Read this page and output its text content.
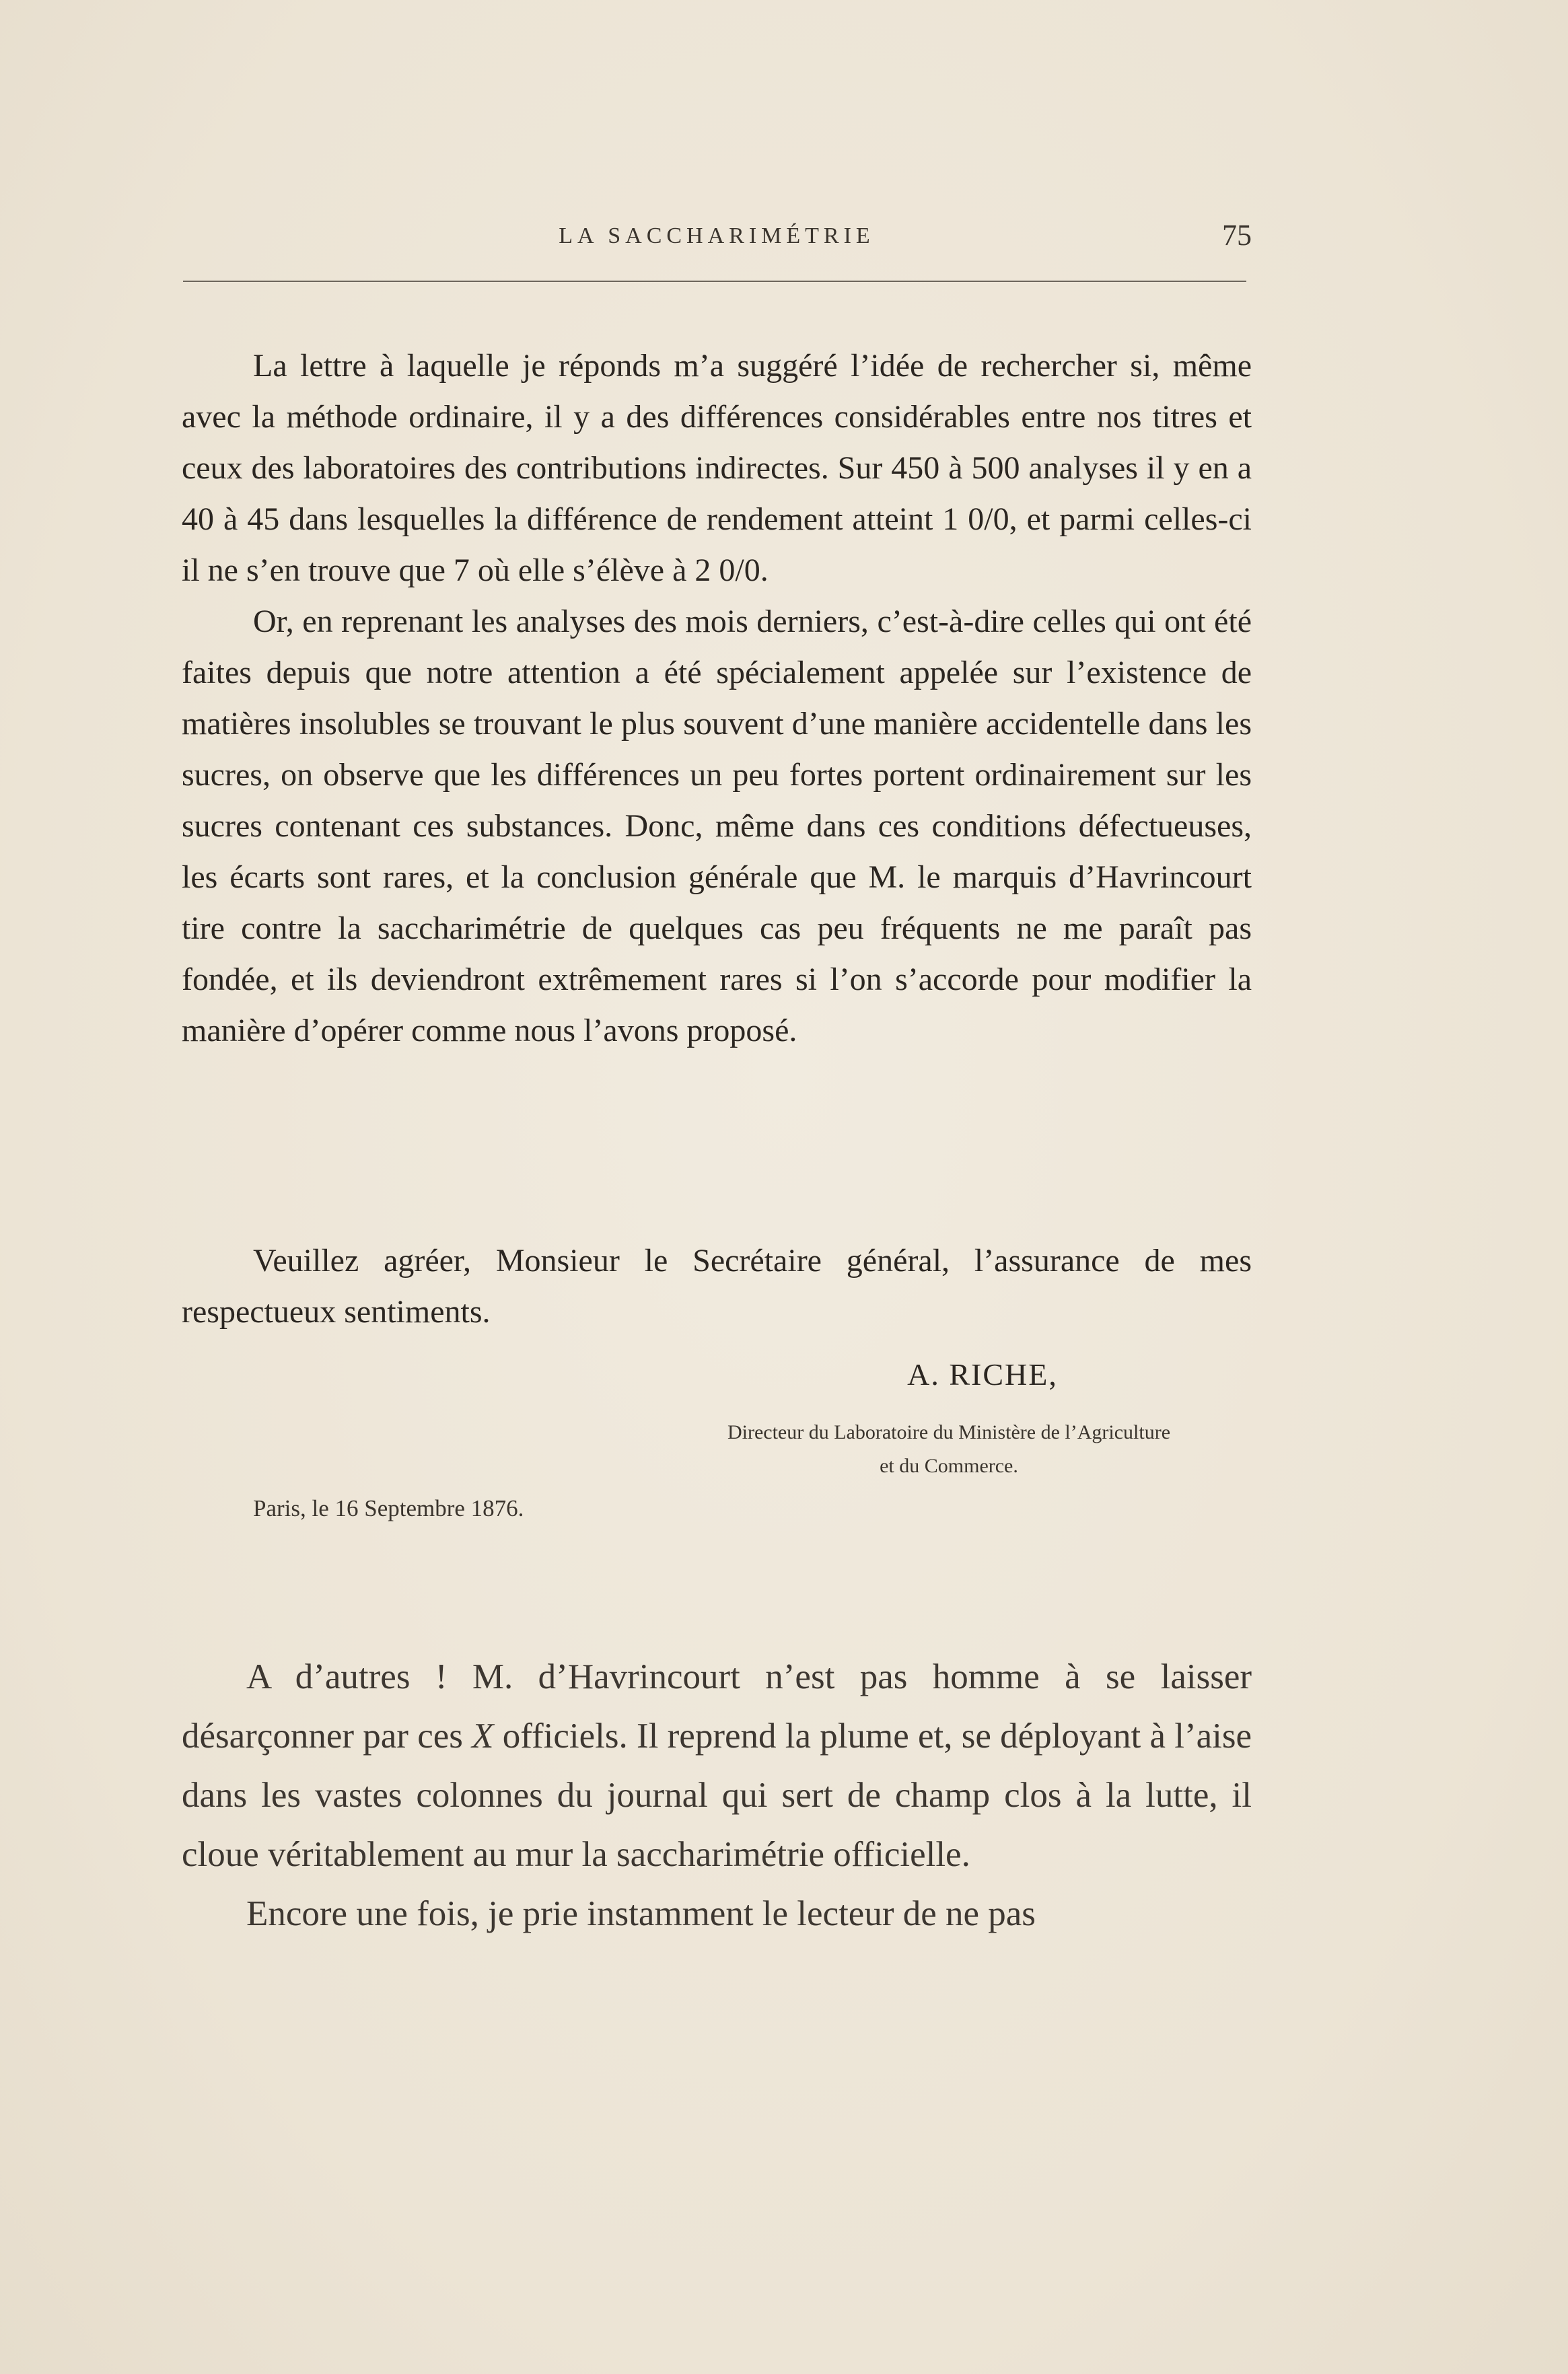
LA SACCHARIMÉTRIE	75

La lettre à laquelle je réponds m’a suggéré l’idée de rechercher si, même avec la méthode ordinaire, il y a des différences considérables entre nos titres et ceux des laboratoires des contributions indirectes. Sur 450 à 500 analyses il y en a 40 à 45 dans lesquelles la différence de rendement atteint 1 0/0, et parmi celles-ci il ne s’en trouve que 7 où elle s’élève à 2 0/0.

Or, en reprenant les analyses des mois derniers, c’est-à-dire celles qui ont été faites depuis que notre attention a été spécialement appelée sur l’existence de matières insolubles se trouvant le plus souvent d’une manière accidentelle dans les sucres, on observe que les différences un peu fortes portent ordinairement sur les sucres contenant ces substances. Donc, même dans ces conditions défectueuses, les écarts sont rares, et la conclusion générale que M. le marquis d’Havrincourt tire contre la saccharimétrie de quelques cas peu fréquents ne me paraît pas fondée, et ils deviendront extrêmement rares si l’on s’accorde pour modifier la manière d’opérer comme nous l’avons proposé.

Veuillez agréer, Monsieur le Secrétaire général, l’assurance de mes respectueux sentiments.

A. RICHE,
Directeur du Laboratoire du Ministère de l’Agriculture
et du Commerce.
Paris, le 16 Septembre 1876.

A d’autres ! M. d’Havrincourt n’est pas homme à se laisser désarçonner par ces X officiels. Il reprend la plume et, se déployant à l’aise dans les vastes colonnes du journal qui sert de champ clos à la lutte, il cloue véritablement au mur la saccharimétrie officielle.

Encore une fois, je prie instamment le lecteur de ne pas
